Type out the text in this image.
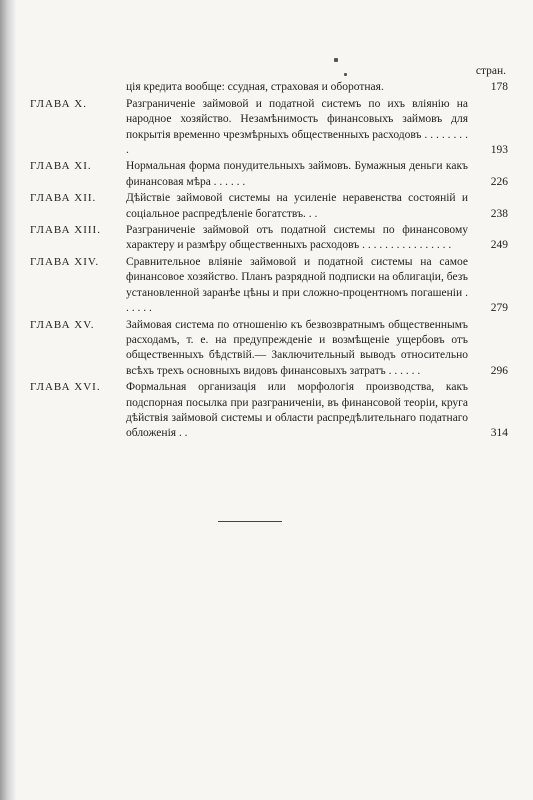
стран.
ція кредита вообще: ссудная, страховая и оборотная.	178
ГЛАВА X.	Разграниченіе займовой и податной системъ по ихъ вліянію на народное хозяйство. Незамѣнимость финансовыхъ займовъ для покрытія временно чрезмѣрныхъ общественныхъ расходовъ . . . . . . . . .	193
ГЛАВА XI.	Нормальная форма понудительныхъ займовъ. Бумажныя деньги какъ финансовая мѣра . . . . . .	226
ГЛАВА XII.	Дѣйствіе займовой системы на усиленіе неравенства состояній и соціальное распредѣленіе богатствъ. . .	238
ГЛАВА XIII.	Разграниченіе займовой отъ податной системы по финансовому характеру и размѣру общественныхъ расходовъ . . . . . . . . . . . . . . . .	249
ГЛАВА XIV.	Сравнительное вліяніе займовой и податной системы на самое финансовое хозяйство. Планъ разрядной подписки на облигаціи, безъ установленной заранѣе цѣны и при сложно-процентномъ погашеніи . . . . . .	279
ГЛАВА XV.	Займовая система по отношенію къ безвозвратнымъ общественнымъ расходамъ, т. е. на предупрежденіе и возмѣщеніе ущербовъ отъ общественныхъ бѣдствій.— Заключительный выводъ относительно всѣхъ трехъ основныхъ видовъ финансовыхъ затратъ . . . . . .	296
ГЛАВА XVI.	Формальная организація или морфологія производства, какъ подспорная посылка при разграниченіи, въ финансовой теоріи, круга дѣйствія займовой системы и области распредѣлительнаго податнаго обложенія . .	314
